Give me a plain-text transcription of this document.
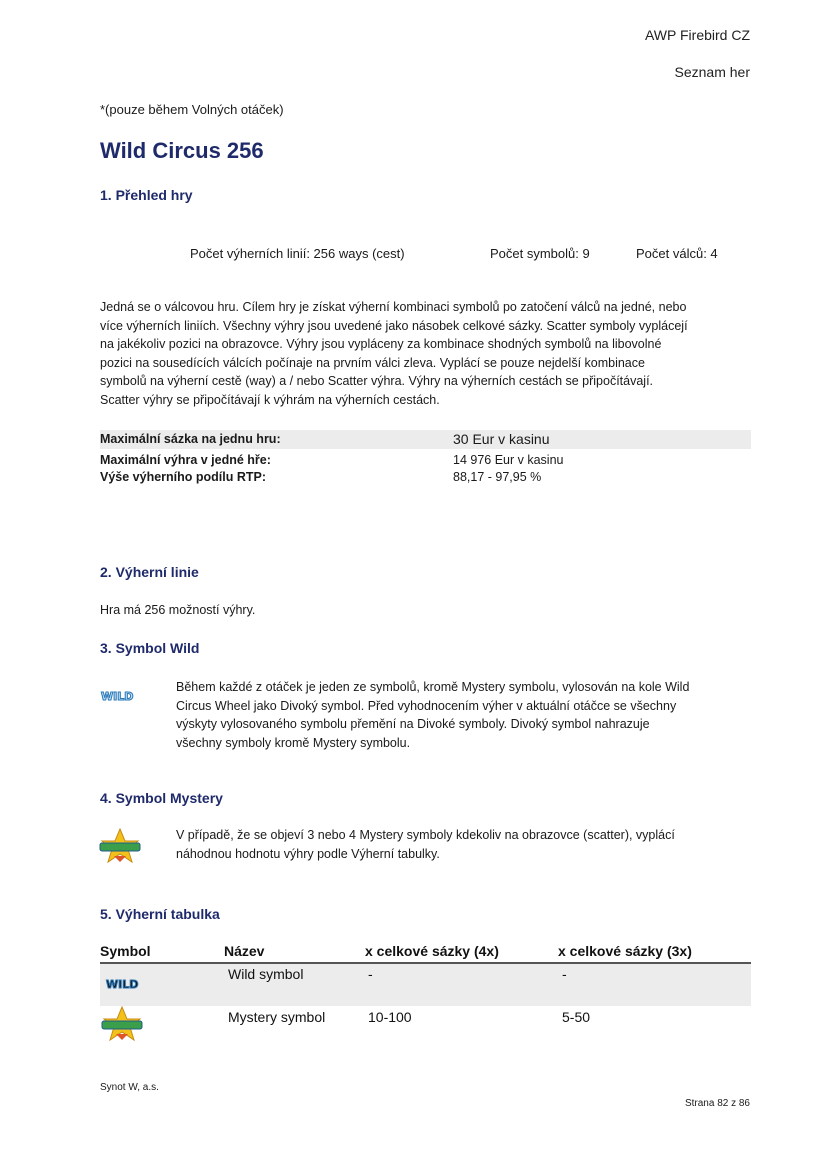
AWP Firebird CZ
Seznam her
*(pouze během Volných otáček)
Wild Circus 256
1. Přehled hry
Počet výherních linií: 256 ways (cest)	Počet symbolů: 9	Počet válců: 4
Jedná se o válcovou hru. Cílem hry je získat výherní kombinaci symbolů po zatočení válců na jedné, nebo
více výherních liniích. Všechny výhry jsou uvedené jako násobek celkové sázky. Scatter symboly vyplácejí
na jakékoliv pozici na obrazovce. Výhry jsou vypláceny za kombinace shodných symbolů na libovolné
pozici na sousedících válcích počínaje na prvním válci zleva. Vyplácí se pouze nejdelší kombinace
symbolů na výherní cestě (way) a / nebo Scatter výhra. Výhry na výherních cestách se připočítávají.
Scatter výhry se připočítávají k výhrám na výherních cestách.
Maximální sázka na jednu hru:	30 Eur v kasinu
Maximální výhra v jedné hře:	14 976 Eur v kasinu
Výše výherního podílu RTP:	88,17 - 97,95 %
2. Výherní linie
Hra má 256 možností výhry.
3. Symbol Wild
WILD
Během každé z otáček je jeden ze symbolů, kromě Mystery symbolu, vylosován na kole Wild
Circus Wheel jako Divoký symbol. Před vyhodnocením výher v aktuální otáčce se všechny
výskyty vylosovaného symbolu přemění na Divoké symboly. Divoký symbol nahrazuje
všechny symboly kromě Mystery symbolu.
4. Symbol Mystery
V případě, že se objeví 3 nebo 4 Mystery symboly kdekoliv na obrazovce (scatter), vyplácí
náhodnou hodnotu výhry podle Výherní tabulky.
5. Výherní tabulka
Symbol	Název	x celkové sázky (4x)	x celkové sázky (3x)
WILD
Wild symbol	-	-
Mystery symbol	10-100	5-50
Synot W, a.s.
Strana 82 z 86
